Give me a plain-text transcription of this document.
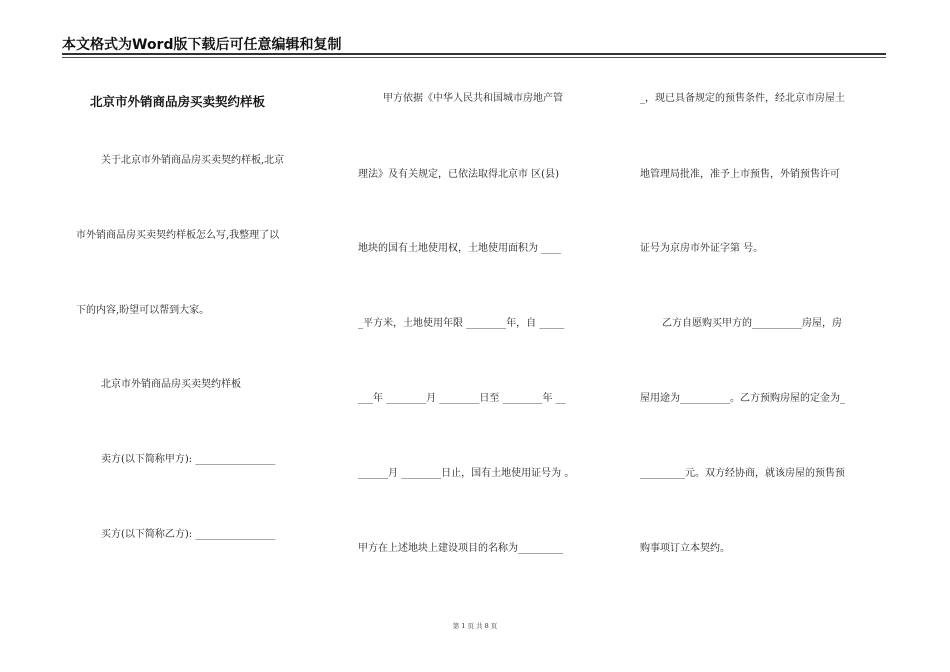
本文格式为Word版下载后可任意编辑和复制
北京市外销商品房买卖契约样板
关于北京市外销商品房买卖契约样板,北京
市外销商品房买卖契约样板怎么写,我整理了以
下的内容,盼望可以帮到大家。
北京市外销商品房买卖契约样板
卖方(以下简称甲方): ________________
买方(以下简称乙方): ________________
甲方依据《中华人民共和国城市房地产管
理法》及有关规定，已依法取得北京市 区(县)
地块的国有土地使用权，土地使用面积为 ____
_平方米，土地使用年限 ________年，自 _____
___年 ________月 ________日至 ________年 __
______月 ________日止，国有土地使用证号为 。
甲方在上述地块上建设项目的名称为_________
_，现已具备规定的预售条件，经北京市房屋土
地管理局批准，准予上市预售，外销预售许可
证号为京房市外证字第 号。
乙方自愿购买甲方的__________房屋，房
屋用途为__________。乙方预购房屋的定金为_
_________元。双方经协商，就该房屋的预售预
购事项订立本契约。
第 1 页 共 8 页
